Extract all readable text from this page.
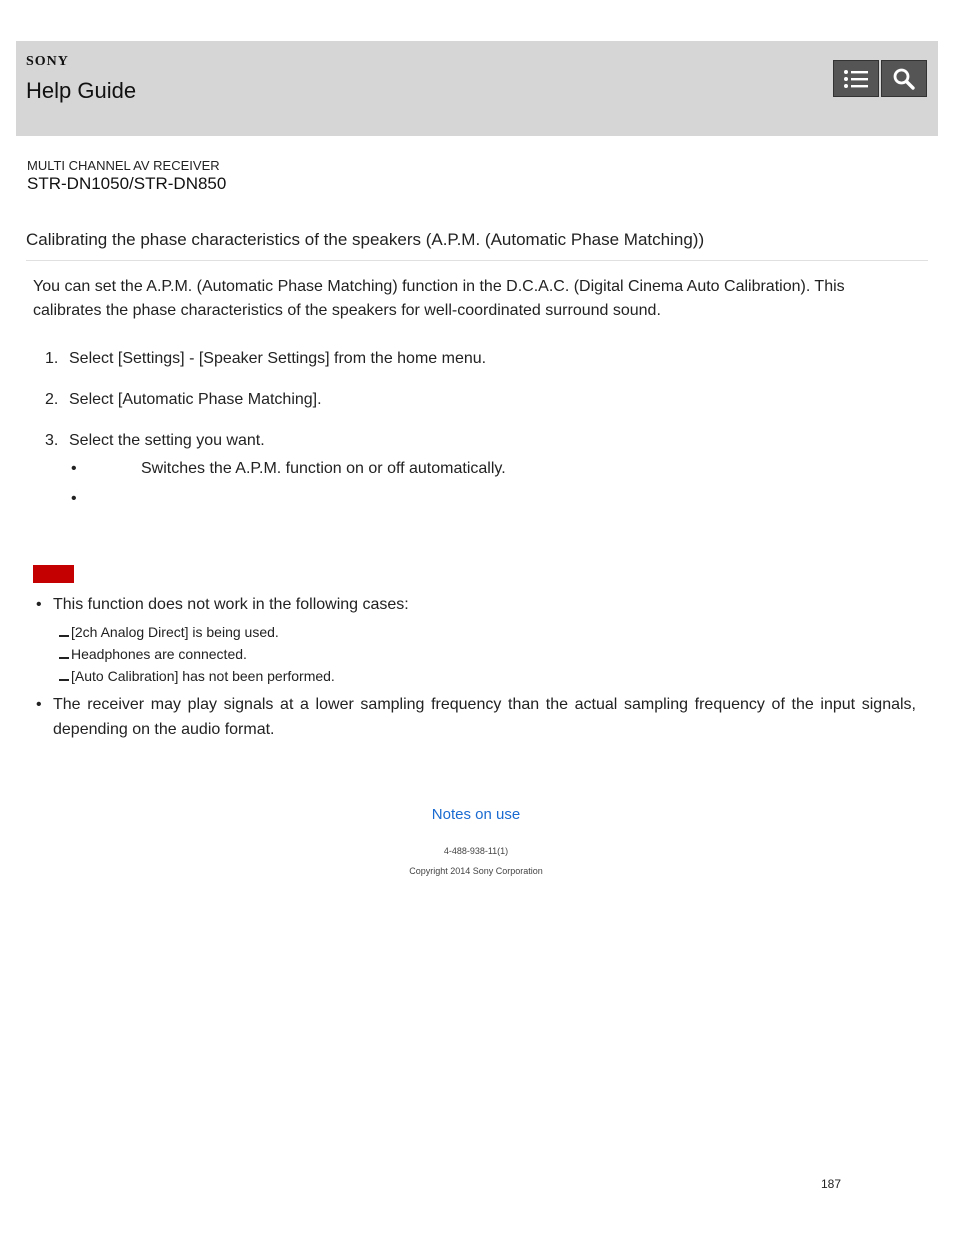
SONY
Help Guide
MULTI CHANNEL AV RECEIVER
STR-DN1050/STR-DN850
Calibrating the phase characteristics of the speakers (A.P.M. (Automatic Phase Matching))
You can set the A.P.M. (Automatic Phase Matching) function in the D.C.A.C. (Digital Cinema Auto Calibration). This calibrates the phase characteristics of the speakers for well-coordinated surround sound.
1. Select [Settings] - [Speaker Settings] from the home menu.
2. Select [Automatic Phase Matching].
3. Select the setting you want.
•	Switches the A.P.M. function on or off automatically.
•
• This function does not work in the following cases:
[2ch Analog Direct] is being used.
Headphones are connected.
[Auto Calibration] has not been performed.
• The receiver may play signals at a lower sampling frequency than the actual sampling frequency of the input signals, depending on the audio format.
Notes on use
4-488-938-11(1)
Copyright 2014 Sony Corporation
187
